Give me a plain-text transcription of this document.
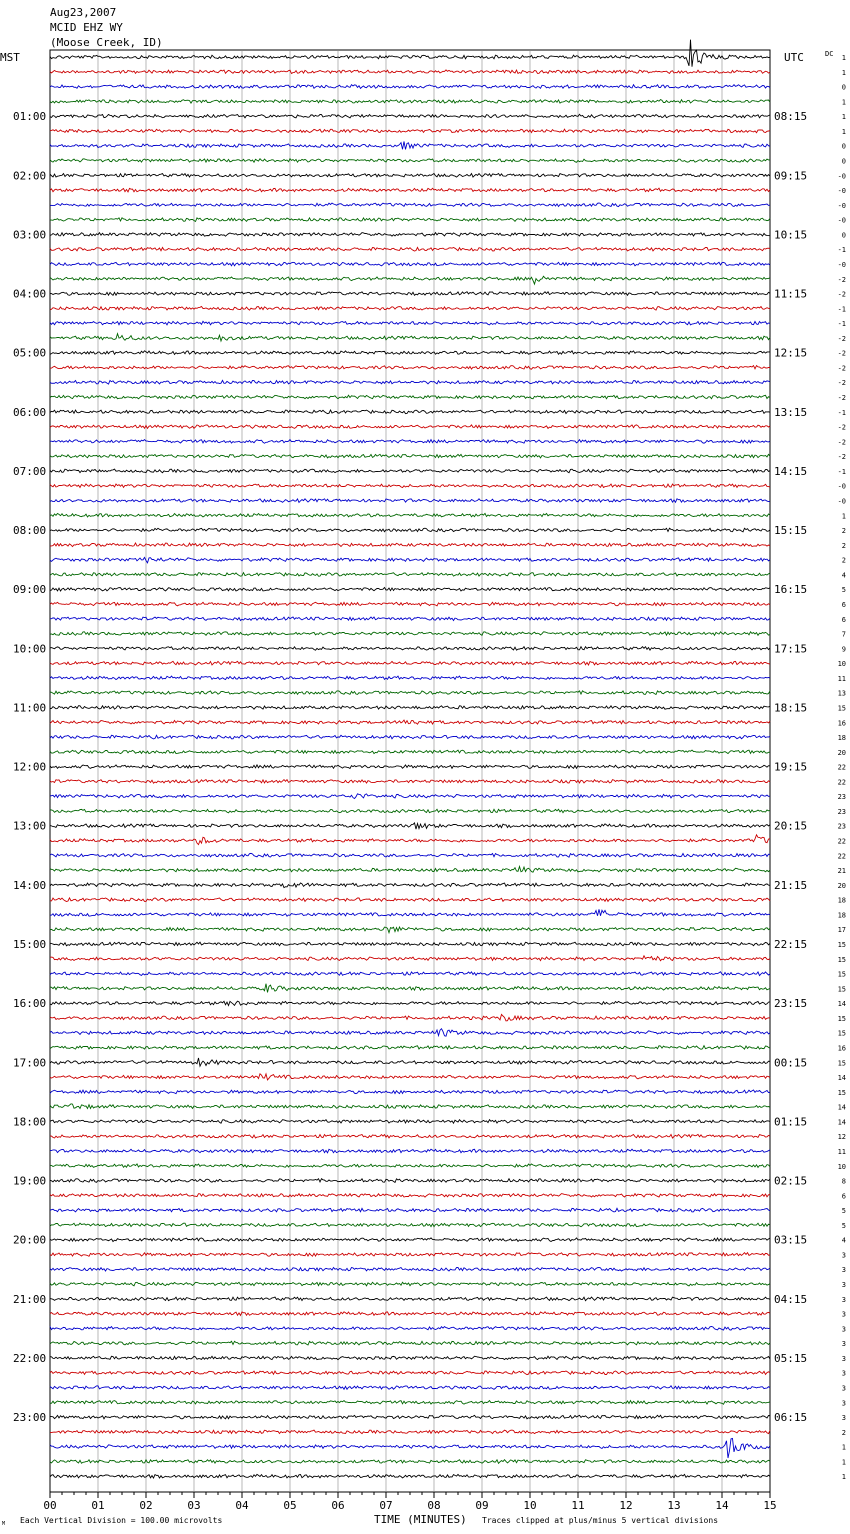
Aug23,2007
MCID EHZ WY
(Moose Creek, ID)
MST	UTC	DC
01:00
02:00
03:00
04:00
05:00
06:00
07:00
08:00
09:00
10:00
11:00
12:00
13:00
14:00
15:00
16:00
17:00
18:00
19:00
20:00
21:00
22:00
23:00
08:15
09:15
10:15
11:15
12:15
13:15
14:15
15:15
16:15
17:15
18:15
19:15
20:15
21:15
22:15
23:15
00:15
01:15
02:15
03:15
04:15
05:15
06:15
1
1
0
1
1
1
0
0
-0
-0
-0
-0
0
-1
-0
-2
-2
-1
-1
-2
-2
-2
-2
-2
-1
-2
-2
-2
-1
-0
-0
1
2
2
2
4
5
6
6
7
9
10
11
13
15
16
18
20
22
22
23
23
23
22
22
21
20
18
18
17
15
15
15
15
14
15
15
16
15
14
15
14
14
12
11
10
8
6
5
5
4
3
3
3
3
3
3
3
3
3
3
3
3
2
1
1
1
00	01	02	03	04	05	06	07	08	09	10	11	12	13	14	15
TIME (MINUTES)
M Each Vertical Division = 100.00 microvolts	Traces clipped at plus/minus 5 vertical divisions
